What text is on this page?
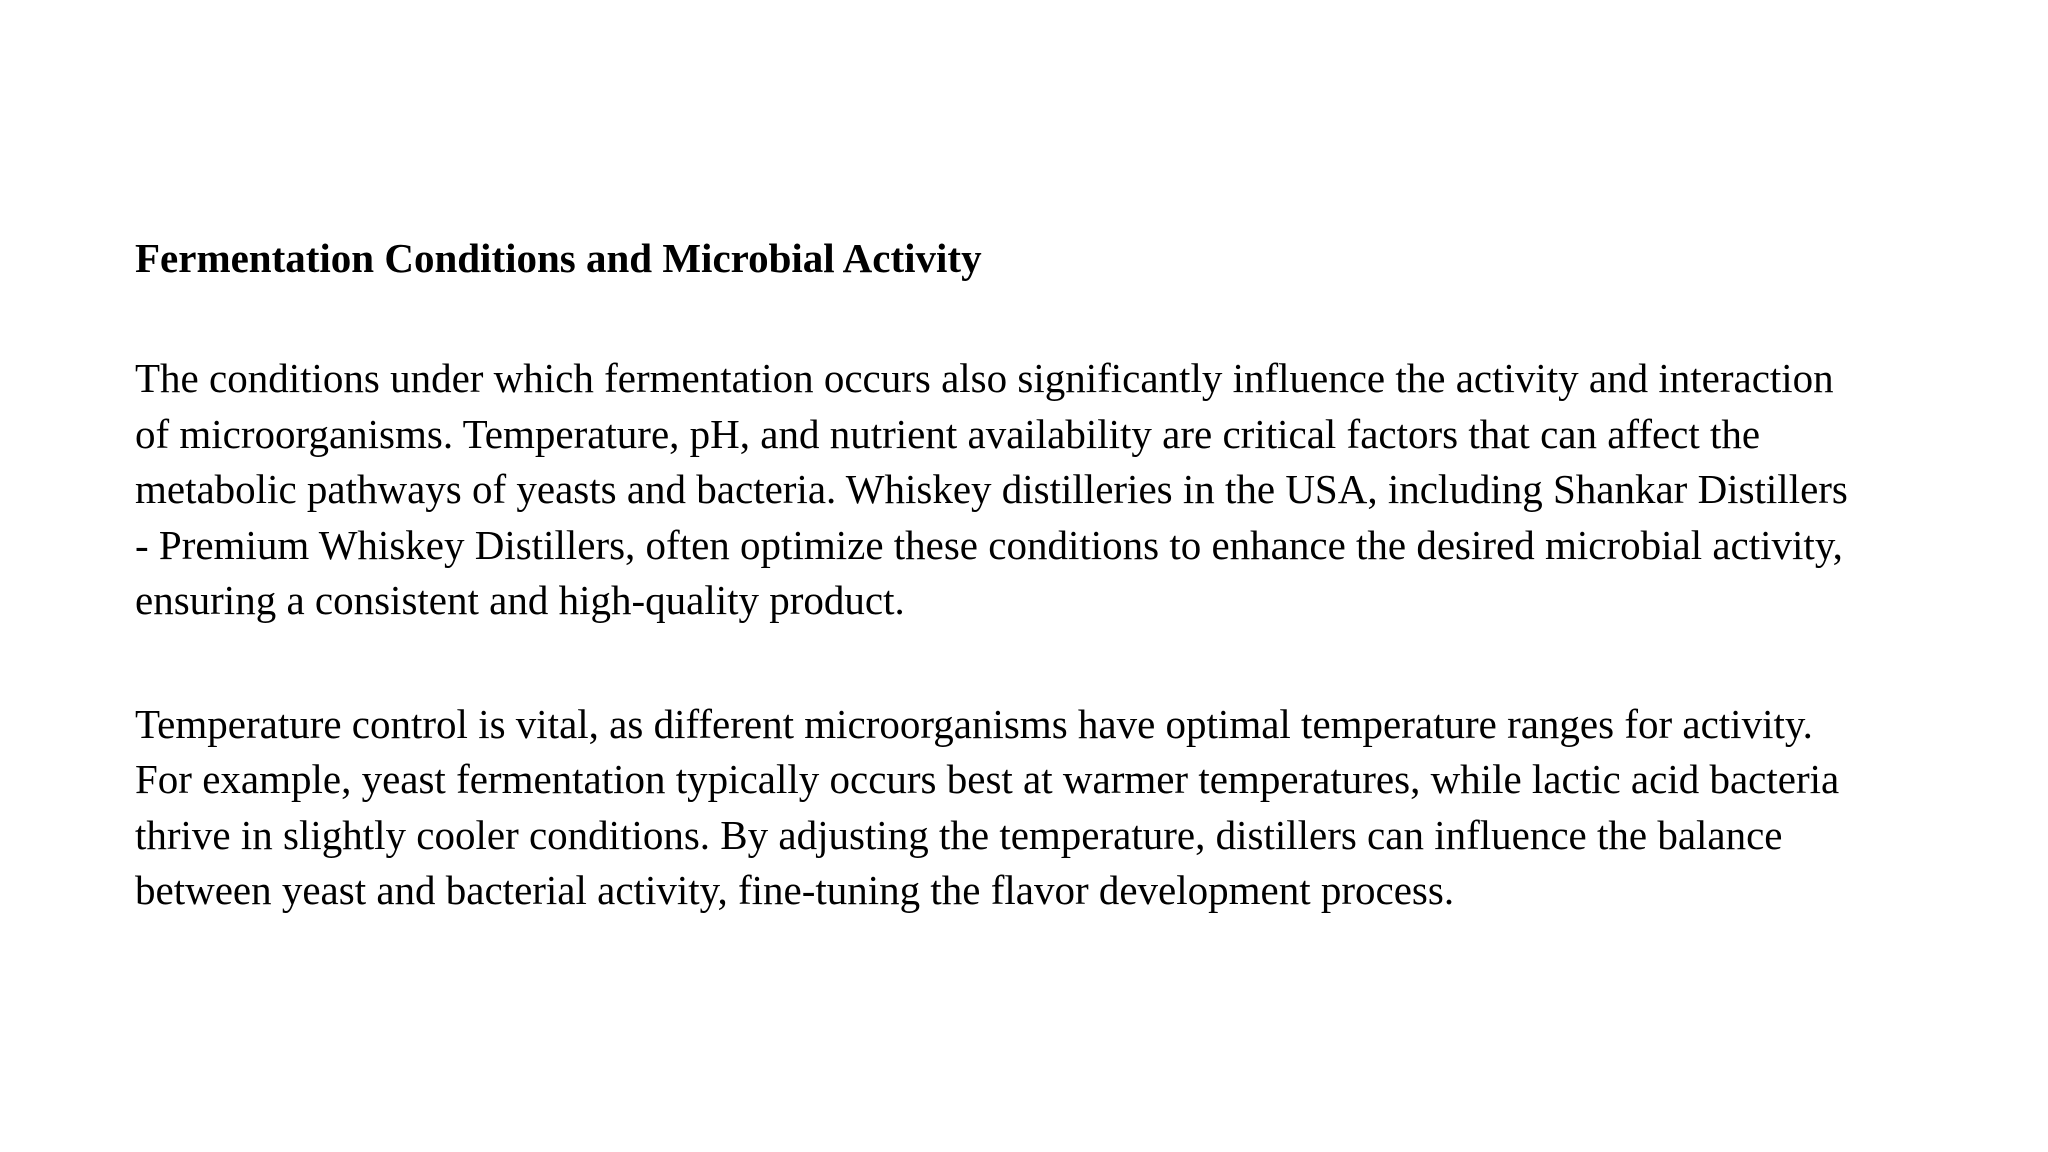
Fermentation Conditions and Microbial Activity
The conditions under which fermentation occurs also significantly influence the activity and interaction
of microorganisms. Temperature, pH, and nutrient availability are critical factors that can affect the
metabolic pathways of yeasts and bacteria. Whiskey distilleries in the USA, including Shankar Distillers
- Premium Whiskey Distillers, often optimize these conditions to enhance the desired microbial activity,
ensuring a consistent and high-quality product.
Temperature control is vital, as different microorganisms have optimal temperature ranges for activity.
For example, yeast fermentation typically occurs best at warmer temperatures, while lactic acid bacteria
thrive in slightly cooler conditions. By adjusting the temperature, distillers can influence the balance
between yeast and bacterial activity, fine-tuning the flavor development process.
